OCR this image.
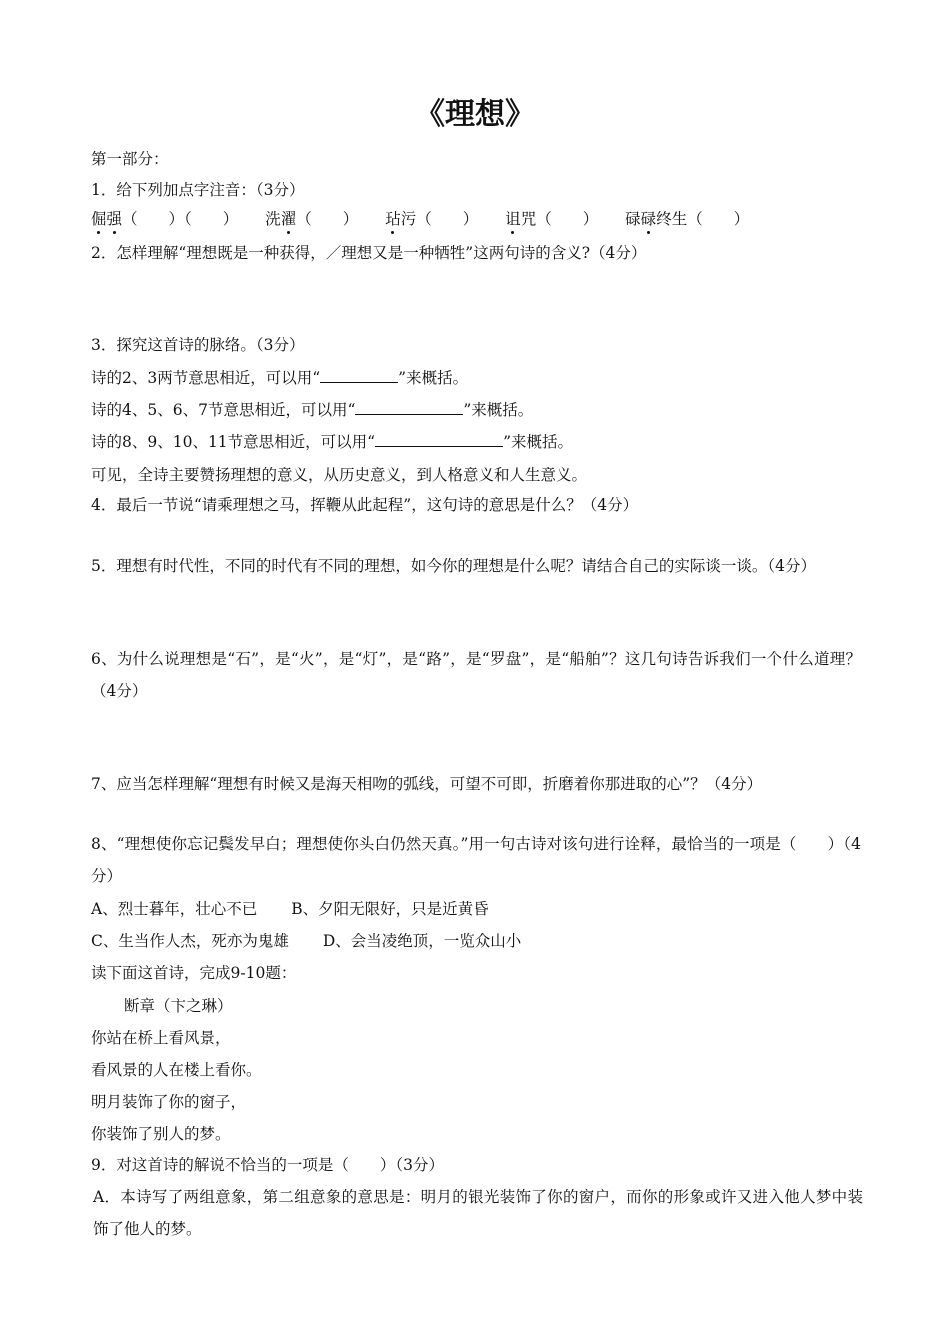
《理想》
第一部分：
1．给下列加点字注音：（3分）
倔强（　　）（　　） 洗濯（　　） 玷污（　　） 诅咒（　　） 碌碌终生（　　）
2．怎样理解“理想既是一种获得，／理想又是一种牺牲”这两句诗的含义?（4分）
3．探究这首诗的脉络。（3分）
诗的2、3两节意思相近，可以用“	”来概括。
诗的4、5、6、7节意思相近，可以用“	”来概括。
诗的8、9、10、11节意思相近，可以用“	”来概括。
可见，全诗主要赞扬理想的意义，从历史意义，到人格意义和人生意义。
4．最后一节说“请乘理想之马，挥鞭从此起程”，这句诗的意思是什么？（4分）
5．理想有时代性，不同的时代有不同的理想，如今你的理想是什么呢？请结合自己的实际谈一谈。（4分）
6、为什么说理想是“石”，是“火”，是“灯”，是“路”，是“罗盘”，是“船舶”？这几句诗告诉我们一个什么道理？（4分）
7、应当怎样理解“理想有时候又是海天相吻的弧线，可望不可即，折磨着你那进取的心”？（4分）
8、“理想使你忘记鬓发早白；理想使你头白仍然天真。”用一句古诗对该句进行诠释，最恰当的一项是（　　）（4分）
A、烈士暮年，壮心不已 B、夕阳无限好，只是近黄昏
C、生当作人杰，死亦为鬼雄 D、会当凌绝顶，一览众山小
读下面这首诗，完成9-10题：
断章（卞之琳）
你站在桥上看风景，
看风景的人在楼上看你。
明月装饰了你的窗子，
你装饰了别人的梦。
9．对这首诗的解说不恰当的一项是（　　）（3分）
A．本诗写了两组意象，第二组意象的意思是：明月的银光装饰了你的窗户，而你的形象或许又进入他人梦中装饰了他人的梦。
